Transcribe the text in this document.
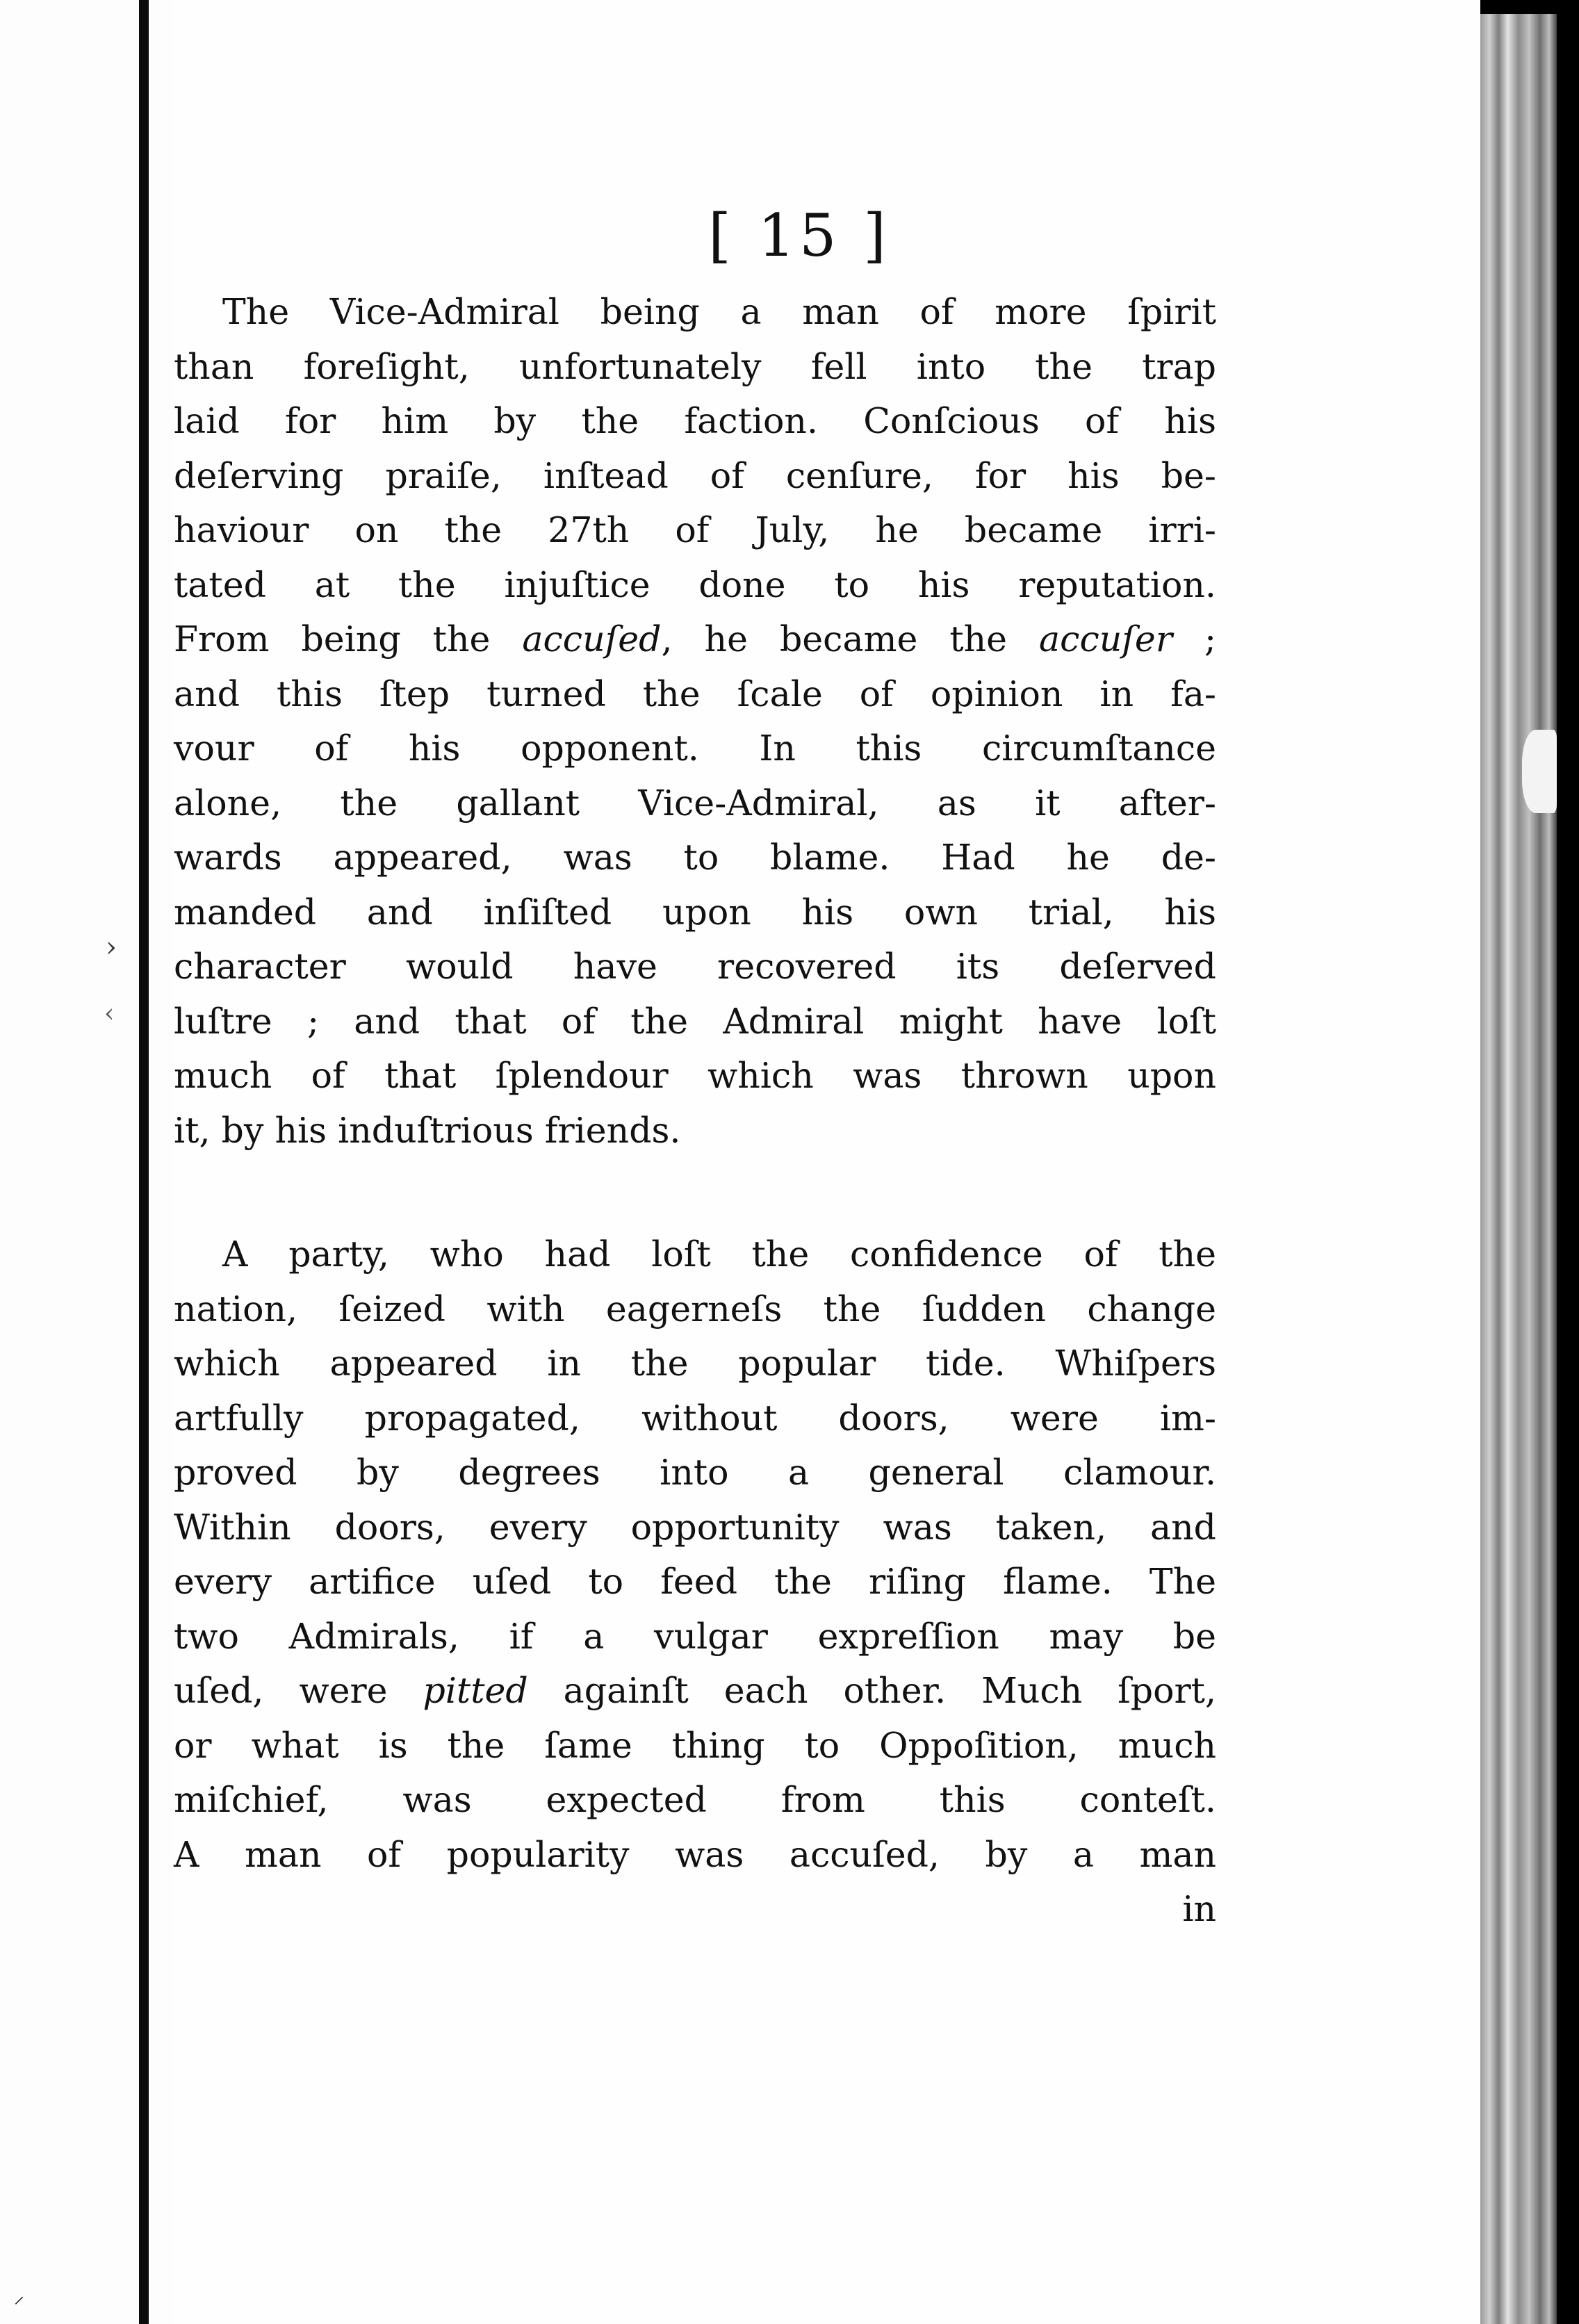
›
‹
⸍
[ 15 ]
The Vice-Admiral being a man of more ſpirit
than foreſight, unfortunately fell into the trap
laid for him by the faction. Conſcious of his
deſerving praiſe, inſtead of cenſure, for his be-
haviour on the 27th of July, he became irri-
tated at the injuſtice done to his reputation.
From being the accuſed, he became the accuſer ;
and this ſtep turned the ſcale of opinion in fa-
vour of his opponent. In this circumſtance
alone, the gallant Vice-Admiral, as it after-
wards appeared, was to blame. Had he de-
manded and inſiſted upon his own trial, his
character would have recovered its deſerved
luſtre ; and that of the Admiral might have loſt
much of that ſplendour which was thrown upon
it, by his induſtrious friends.
A party, who had loſt the confidence of the
nation, ſeized with eagerneſs the ſudden change
which appeared in the popular tide. Whiſpers
artfully propagated, without doors, were im-
proved by degrees into a general clamour.
Within doors, every opportunity was taken, and
every artifice uſed to feed the riſing flame. The
two Admirals, if a vulgar expreſſion may be
uſed, were pitted againſt each other. Much ſport,
or what is the ſame thing to Oppoſition, much
miſchief, was expected from this conteſt.
A man of popularity was accuſed, by a man
in
